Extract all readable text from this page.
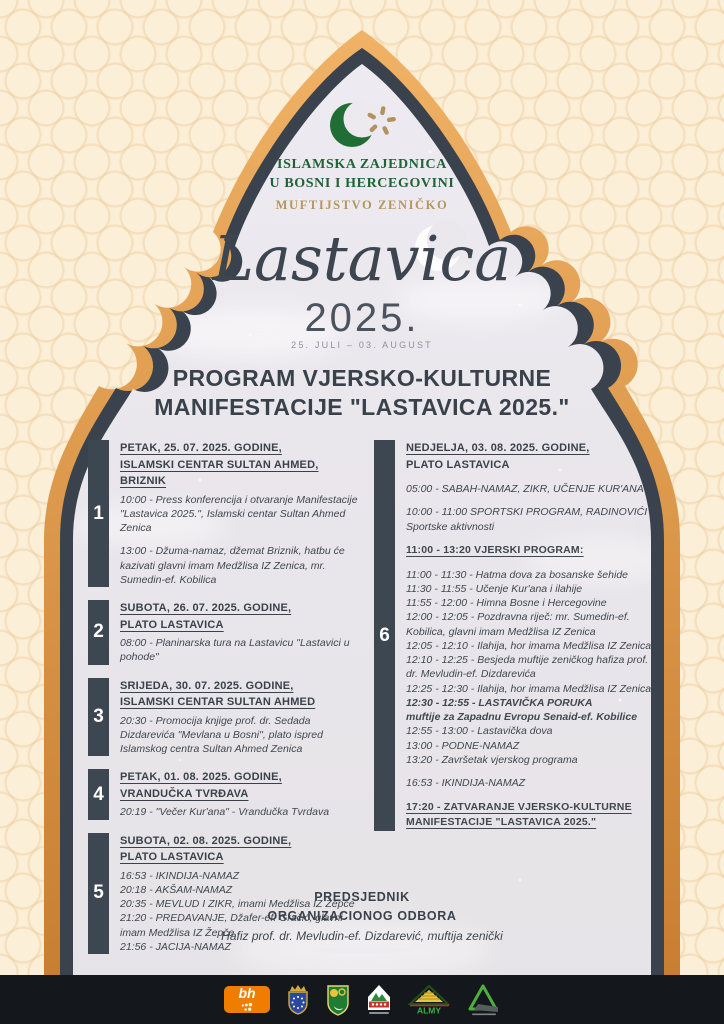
ISLAMSKA ZAJEDNICA
U BOSNI I HERCEGOVINI
MUFTIJSTVO ZENIČKO
Lastavica
2025.
25. JULI – 03. AUGUST
PROGRAM VJERSKO-KULTURNE
MANIFESTACIJE "LASTAVICA 2025."
1
PETAK, 25. 07. 2025. GODINE,
ISLAMSKI CENTAR SULTAN AHMED, BRIZNIK
10:00 - Press konferencija i otvaranje Manifestacije "Lastavica 2025.", Islamski centar Sultan Ahmed Zenica
13:00 - Džuma-namaz, džemat Briznik, hatbu će kazivati glavni imam Medžlisa IZ Zenica, mr. Sumedin-ef. Kobilica
2
SUBOTA, 26. 07. 2025. GODINE,
PLATO LASTAVICA
08:00 - Planinarska tura na Lastavicu "Lastavici u pohode"
3
SRIJEDA, 30. 07. 2025. GODINE,
ISLAMSKI CENTAR SULTAN AHMED
20:30 - Promocija knjige prof. dr. Sedada Dizdarevića "Mevlana u Bosni", plato ispred Islamskog centra Sultan Ahmed Zenica
4
PETAK, 01. 08. 2025. GODINE,
VRANDUČKA TVRĐAVA
20:19 - "Večer Kur'ana" - Vrandučka Tvrdava
5
SUBOTA, 02. 08. 2025. GODINE,
PLATO LASTAVICA
16:53 - IKINDIJA-NAMAZ
20:18 - AKŠAM-NAMAZ
20:35 - MEVLUD I ZIKR, imami Medžlisa IZ Žepče
21:20 - PREDAVANJE, Džafer-ef. Gračić, glavni imam Medžlisa IZ Žepče
21:56 - JACIJA-NAMAZ
6
NEDJELJA, 03. 08. 2025. GODINE,
PLATO LASTAVICA
05:00 - SABAH-NAMAZ, ZIKR, UČENJE KUR'ANA
10:00 - 11:00 SPORTSKI PROGRAM, RADINOVIĆI
Sportske aktivnosti
11:00 - 13:20 VJERSKI PROGRAM:
11:00 - 11:30 - Hatma dova za bosanske šehide
11:30 - 11:55 - Učenje Kur'ana i ilahije
11:55 - 12:00 - Himna Bosne i Hercegovine
12:00 - 12:05 - Pozdravna riječ: mr. Sumedin-ef. Kobilica, glavni imam Medžlisa IZ Zenica
12:05 - 12:10 - Ilahija, hor imama Medžlisa IZ Zenica
12:10 - 12:25 - Besjeda muftije zeničkog hafiza prof. dr. Mevludin-ef. Dizdarevića
12:25 - 12:30 - Ilahija, hor imama Medžlisa IZ Zenica
12:30 - 12:55 - LASTAVIČKA PORUKA
muftije za Zapadnu Evropu Senaid-ef. Kobilice
12:55 - 13:00 - Lastavička dova
13:00 - PODNE-NAMAZ
13:20 - Završetak vjerskog programa
16:53 - IKINDIJA-NAMAZ
17:20 - ZATVARANJE VJERSKO-KULTURNE
MANIFESTACIJE "LASTAVICA 2025."
PREDSJEDNIK
ORGANIZACIONOG ODBORA
Hafiz prof. dr. Mevludin-ef. Dizdarević, muftija zenički
bh
ALMY
